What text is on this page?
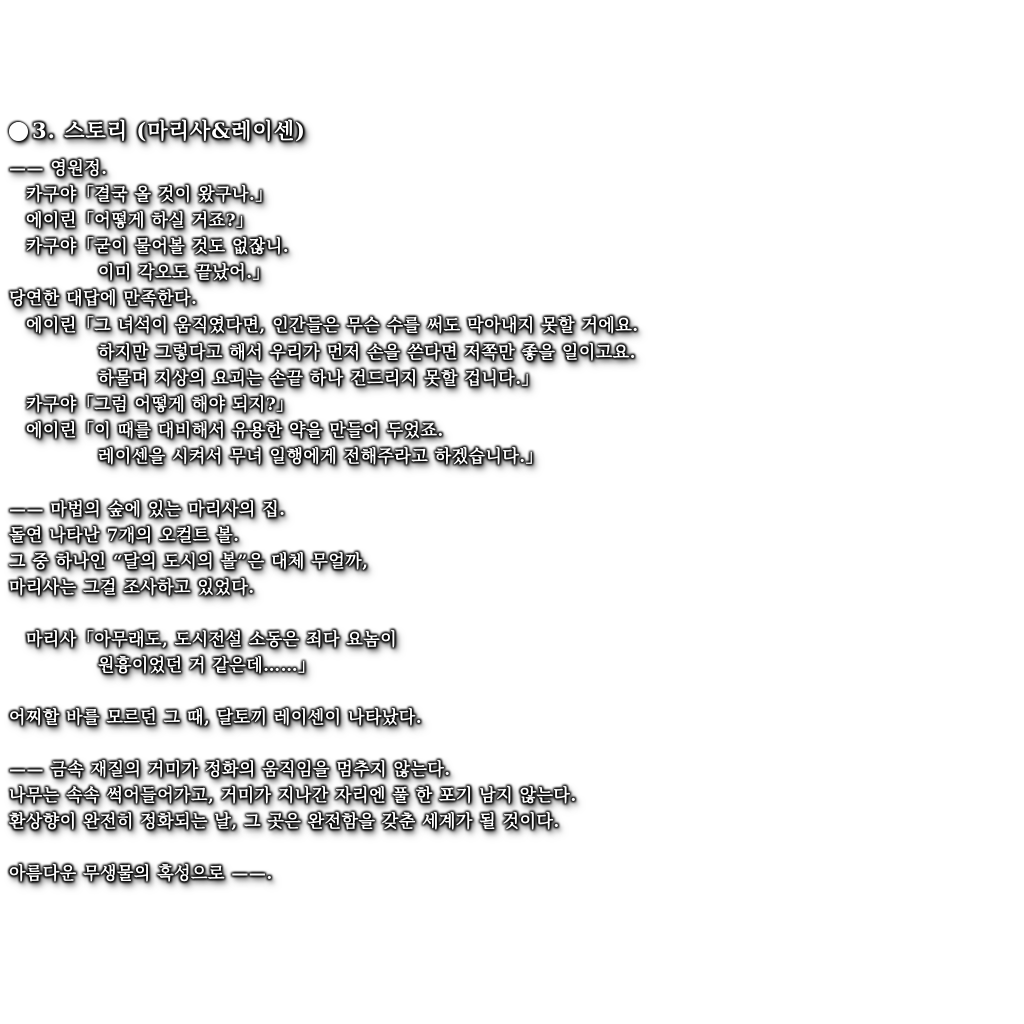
3. 스토리 (마리사&레이센)
—— 영원정.
카구야「결국 올 것이 왔구나.」
에이린「어떻게 하실 거죠?」
카구야「굳이 물어볼 것도 없잖니.
이미 각오도 끝났어.」
당연한 대답에 만족한다.
에이린「그 녀석이 움직였다면, 인간들은 무슨 수를 써도 막아내지 못할 거에요.
하지만 그렇다고 해서 우리가 먼저 손을 쓴다면 저쪽만 좋을 일이고요.
하물며 지상의 요괴는 손끝 하나 건드리지 못할 겁니다.」
카구야「그럼 어떻게 해야 되지?」
에이린「이 때를 대비해서 유용한 약을 만들어 두었죠.
레이센을 시켜서 무녀 일행에게 전해주라고 하겠습니다.」
—— 마법의 숲에 있는 마리사의 집.
돌연 나타난 7개의 오컬트 볼.
그 중 하나인 “달의 도시의 볼”은 대체 무얼까,
마리사는 그걸 조사하고 있었다.
마리사「아무래도, 도시전설 소동은 죄다 요놈이
원흉이었던 거 같은데……」
어찌할 바를 모르던 그 때, 달토끼 레이센이 나타났다.
—— 금속 재질의 거미가 정화의 움직임을 멈추지 않는다.
나무는 속속 썩어들어가고, 거미가 지나간 자리엔 풀 한 포기 남지 않는다.
환상향이 완전히 정화되는 날, 그 곳은 완전함을 갖춘 세계가 될 것이다.
아름다운 무생물의 혹성으로 ——.
